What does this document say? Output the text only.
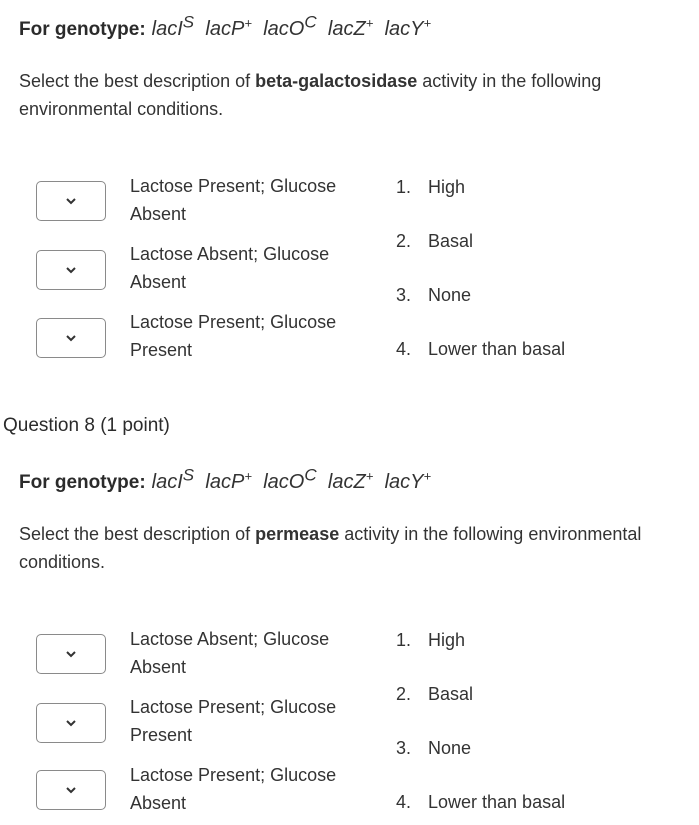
For genotype: lacI$^S$ lacP+ lacO$^C$ lacZ+ lacY+
Select the best description of beta-galactosidase activity in the following environmental conditions.
Lactose Present; Glucose Absent
Lactose Absent; Glucose Absent
Lactose Present; Glucose Present
1. High
2. Basal
3. None
4. Lower than basal
Question 8 (1 point)
For genotype: lacI$^S$ lacP+ lacO$^C$ lacZ+ lacY+
Select the best description of permease activity in the following environmental conditions.
Lactose Absent; Glucose Absent
Lactose Present; Glucose Present
Lactose Present; Glucose Absent
1. High
2. Basal
3. None
4. Lower than basal
